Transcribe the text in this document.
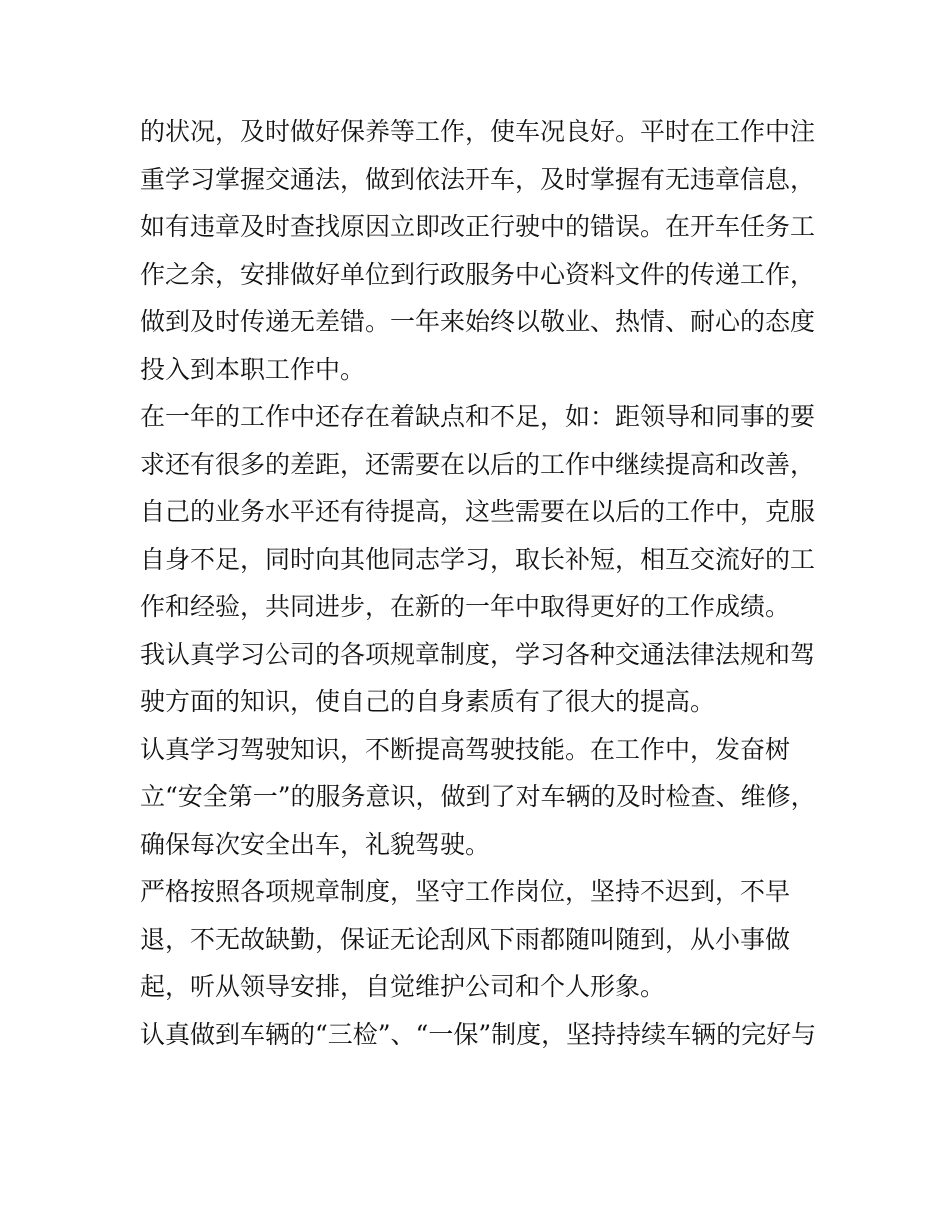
的状况，及时做好保养等工作，使车况良好。平时在工作中注
重学习掌握交通法，做到依法开车，及时掌握有无违章信息，
如有违章及时查找原因立即改正行驶中的错误。在开车任务工
作之余，安排做好单位到行政服务中心资料文件的传递工作，
做到及时传递无差错。一年来始终以敬业、热情、耐心的态度
投入到本职工作中。
在一年的工作中还存在着缺点和不足，如：距领导和同事的要
求还有很多的差距，还需要在以后的工作中继续提高和改善，
自己的业务水平还有待提高，这些需要在以后的工作中，克服
自身不足，同时向其他同志学习，取长补短，相互交流好的工
作和经验，共同进步，在新的一年中取得更好的工作成绩。
我认真学习公司的各项规章制度，学习各种交通法律法规和驾
驶方面的知识，使自己的自身素质有了很大的提高。
认真学习驾驶知识，不断提高驾驶技能。在工作中，发奋树
立“安全第一”的服务意识，做到了对车辆的及时检查、维修，
确保每次安全出车，礼貌驾驶。
严格按照各项规章制度，坚守工作岗位，坚持不迟到，不早
退，不无故缺勤，保证无论刮风下雨都随叫随到，从小事做
起，听从领导安排，自觉维护公司和个人形象。
认真做到车辆的“三检”、“一保”制度，坚持持续车辆的完好与
